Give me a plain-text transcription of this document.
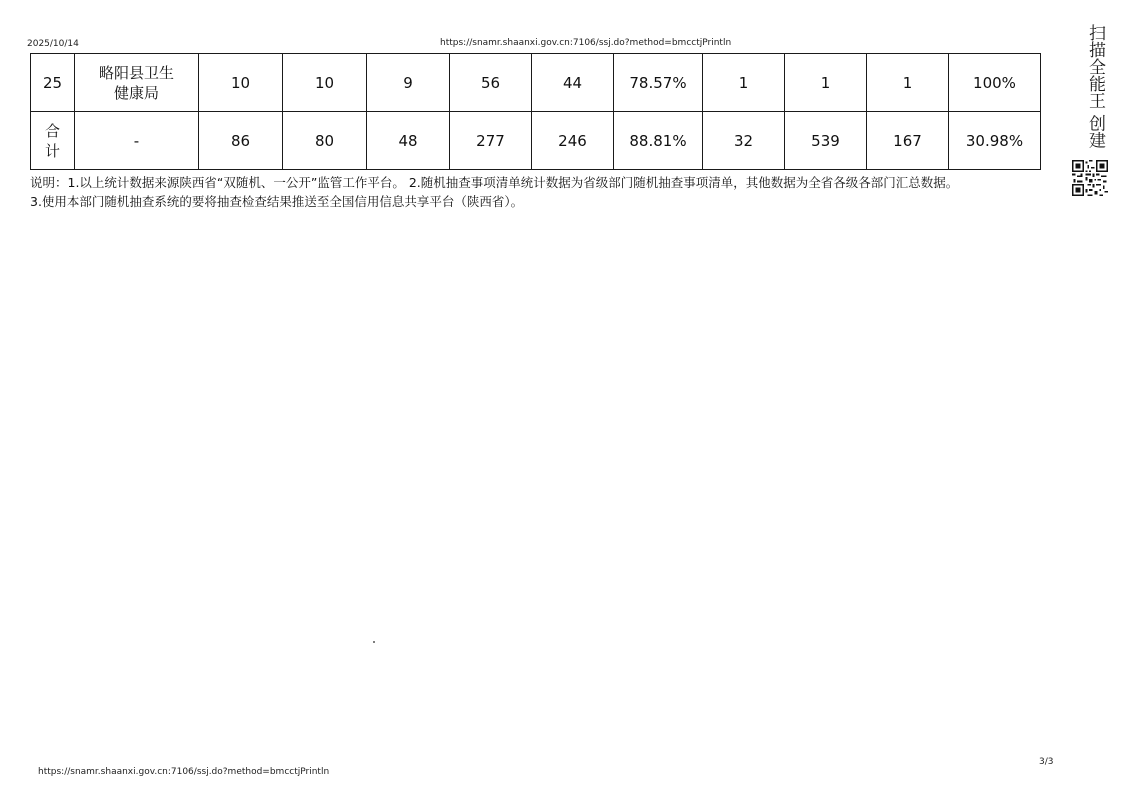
2025/10/14	https://snamr.shaanxi.gov.cn:7106/ssj.do?method=bmcctjPrintln
25	略阳县卫生健康局	10	10	9	56	44	78.57%	1	1	1	100%
合计	-	86	80	48	277	246	88.81%	32	539	167	30.98%
说明：1.以上统计数据来源陕西省“双随机、一公开”监管工作平台。 2.随机抽查事项清单统计数据为省级部门随机抽查事项清单，其他数据为全省各级各部门汇总数据。
3.使用本部门随机抽查系统的要将抽查检查结果推送至全国信用信息共享平台（陕西省）。
扫描全能王 创建
https://snamr.shaanxi.gov.cn:7106/ssj.do?method=bmcctjPrintln
3/3
